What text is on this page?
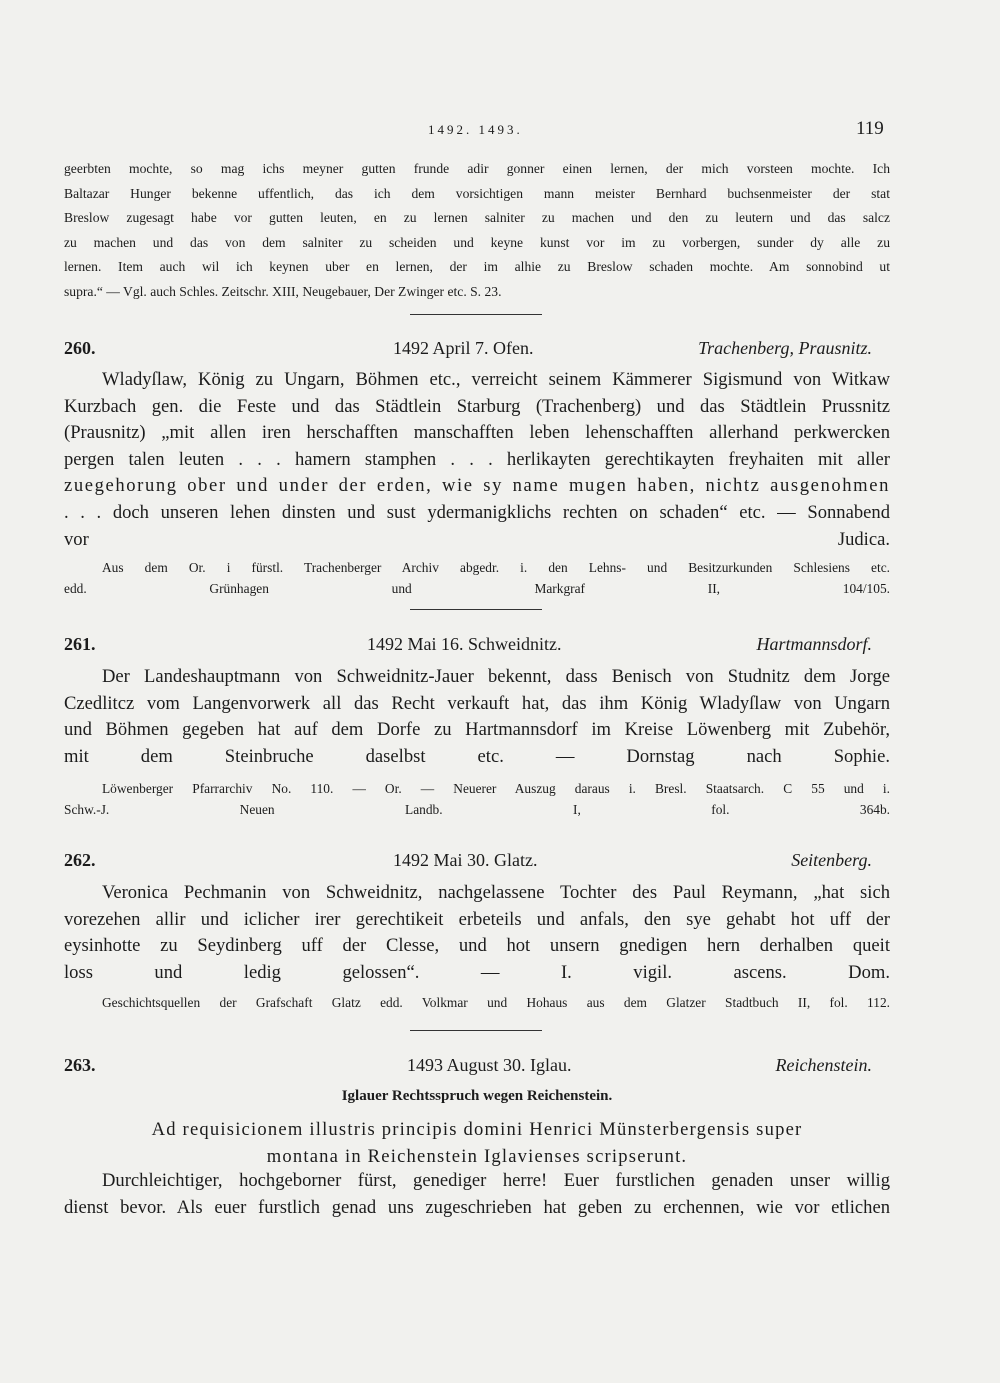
1492. 1493.	119
geerbten mochte, so mag ichs meyner gutten frunde adir gonner einen lernen, der mich vorsteen mochte. Ich
Baltazar Hunger bekenne uffentlich, das ich dem vorsichtigen mann meister Bernhard buchsenmeister der stat
Breslow zugesagt habe vor gutten leuten, en zu lernen salniter zu machen und den zu leutern und das salcz
zu machen und das von dem salniter zu scheiden und keyne kunst vor im zu vorbergen, sunder dy alle zu
lernen. Item auch wil ich keynen uber en lernen, der im alhie zu Breslow schaden mochte. Am sonnobind ut
supra.“ — Vgl. auch Schles. Zeitschr. XIII, Neugebauer, Der Zwinger etc. S. 23.
260.	1492 April 7. Ofen.	Trachenberg, Prausnitz.
Wladyſlaw, König zu Ungarn, Böhmen etc., verreicht seinem Kämmerer Sigismund von Witkaw
Kurzbach gen. die Feste und das Städtlein Starburg (Trachenberg) und das Städtlein Prussnitz
(Prausnitz) „mit allen iren herschafften manschafften leben lehenschafften allerhand perkwercken
pergen talen leuten . . . hamern stamphen . . . herlikayten gerechtikayten freyhaiten mit aller
zuegehorung ober und under der erden, wie sy name mugen haben, nichtz ausgenohmen
. . . doch unseren lehen dinsten und sust ydermanigklichs rechten on schaden“ etc. — Sonnabend
vor Judica.
Aus dem Or. i fürstl. Trachenberger Archiv abgedr. i. den Lehns- und Besitzurkunden Schlesiens etc.
edd. Grünhagen und Markgraf II, 104/105.
261.	1492 Mai 16. Schweidnitz.	Hartmannsdorf.
Der Landeshauptmann von Schweidnitz-Jauer bekennt, dass Benisch von Studnitz dem Jorge
Czedlitcz vom Langenvorwerk all das Recht verkauft hat, das ihm König Wladyſlaw von Ungarn
und Böhmen gegeben hat auf dem Dorfe zu Hartmannsdorf im Kreise Löwenberg mit Zubehör,
mit dem Steinbruche daselbst etc. — Dornstag nach Sophie.
Löwenberger Pfarrarchiv No. 110. — Or. — Neuerer Auszug daraus i. Bresl. Staatsarch. C 55 und i.
Schw.-J. Neuen Landb. I, fol. 364b.
262.	1492 Mai 30. Glatz.	Seitenberg.
Veronica Pechmanin von Schweidnitz, nachgelassene Tochter des Paul Reymann, „hat sich
vorezehen allir und iclicher irer gerechtikeit erbeteils und anfals, den sye gehabt hot uff der
eysinhotte zu Seydinberg uff der Clesse, und hot unsern gnedigen hern derhalben queit
loss und ledig gelossen“. — I. vigil. ascens. Dom.
Geschichtsquellen der Grafschaft Glatz edd. Volkmar und Hohaus aus dem Glatzer Stadtbuch II, fol. 112.
263.	1493 August 30. Iglau.	Reichenstein.
Iglauer Rechtsspruch wegen Reichenstein.
Ad requisicionem illustris principis domini Henrici Münsterbergensis super
montana in Reichenstein Iglavienses scripserunt.
Durchleichtiger, hochgeborner fürst, genediger herre! Euer furstlichen genaden unser willig
dienst bevor. Als euer furstlich genad uns zugeschrieben hat geben zu erchennen, wie vor etlichen
